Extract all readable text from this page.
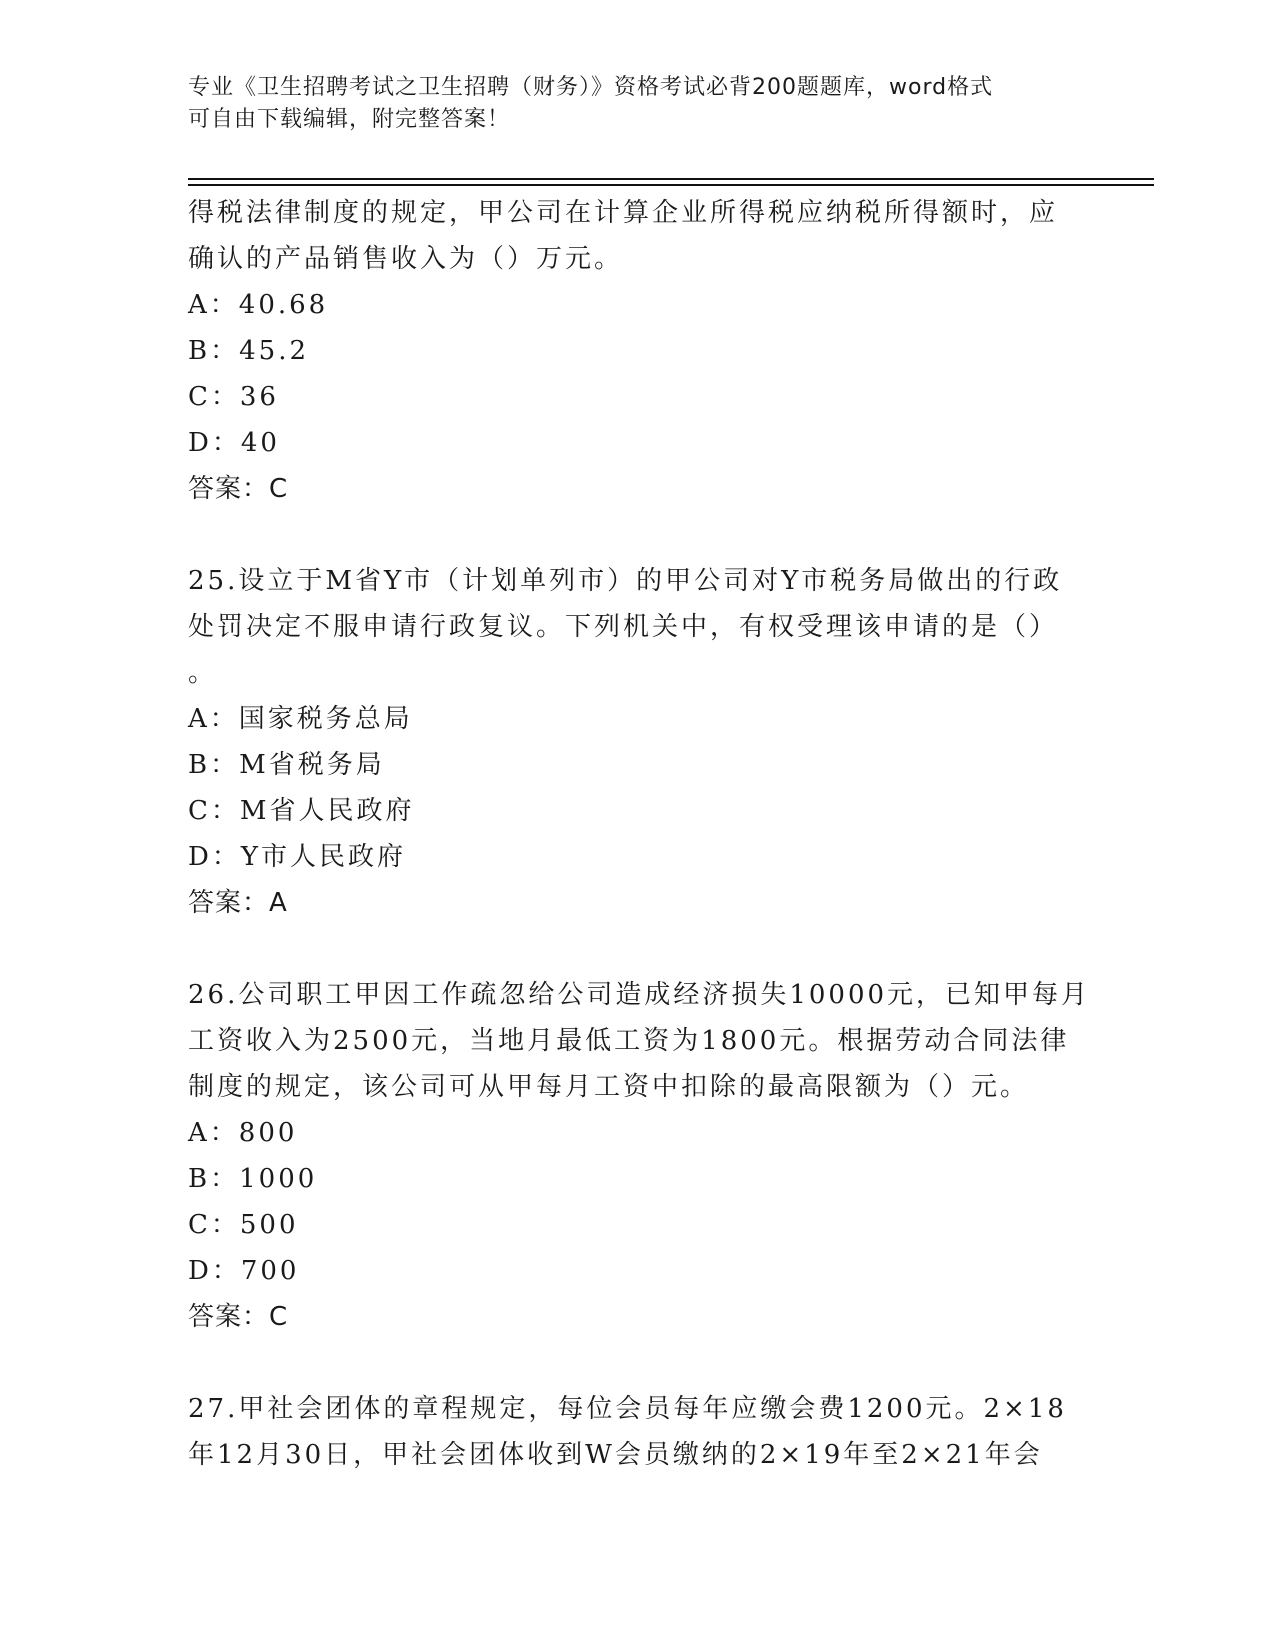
专业《卫生招聘考试之卫生招聘（财务）》资格考试必背200题题库，word格式
可自由下载编辑，附完整答案！
得税法律制度的规定，甲公司在计算企业所得税应纳税所得额时，应
确认的产品销售收入为（）万元。
A：40.68
B：45.2
C：36
D：40
答案：C
25.设立于M省Y市（计划单列市）的甲公司对Y市税务局做出的行政
处罚决定不服申请行政复议。下列机关中，有权受理该申请的是（）
。
A：国家税务总局
B：M省税务局
C：M省人民政府
D：Y市人民政府
答案：A
26.公司职工甲因工作疏忽给公司造成经济损失10000元，已知甲每月
工资收入为2500元，当地月最低工资为1800元。根据劳动合同法律
制度的规定，该公司可从甲每月工资中扣除的最高限额为（）元。
A：800
B：1000
C：500
D：700
答案：C
27.甲社会团体的章程规定，每位会员每年应缴会费1200元。2×18
年12月30日，甲社会团体收到W会员缴纳的2×19年至2×21年会
